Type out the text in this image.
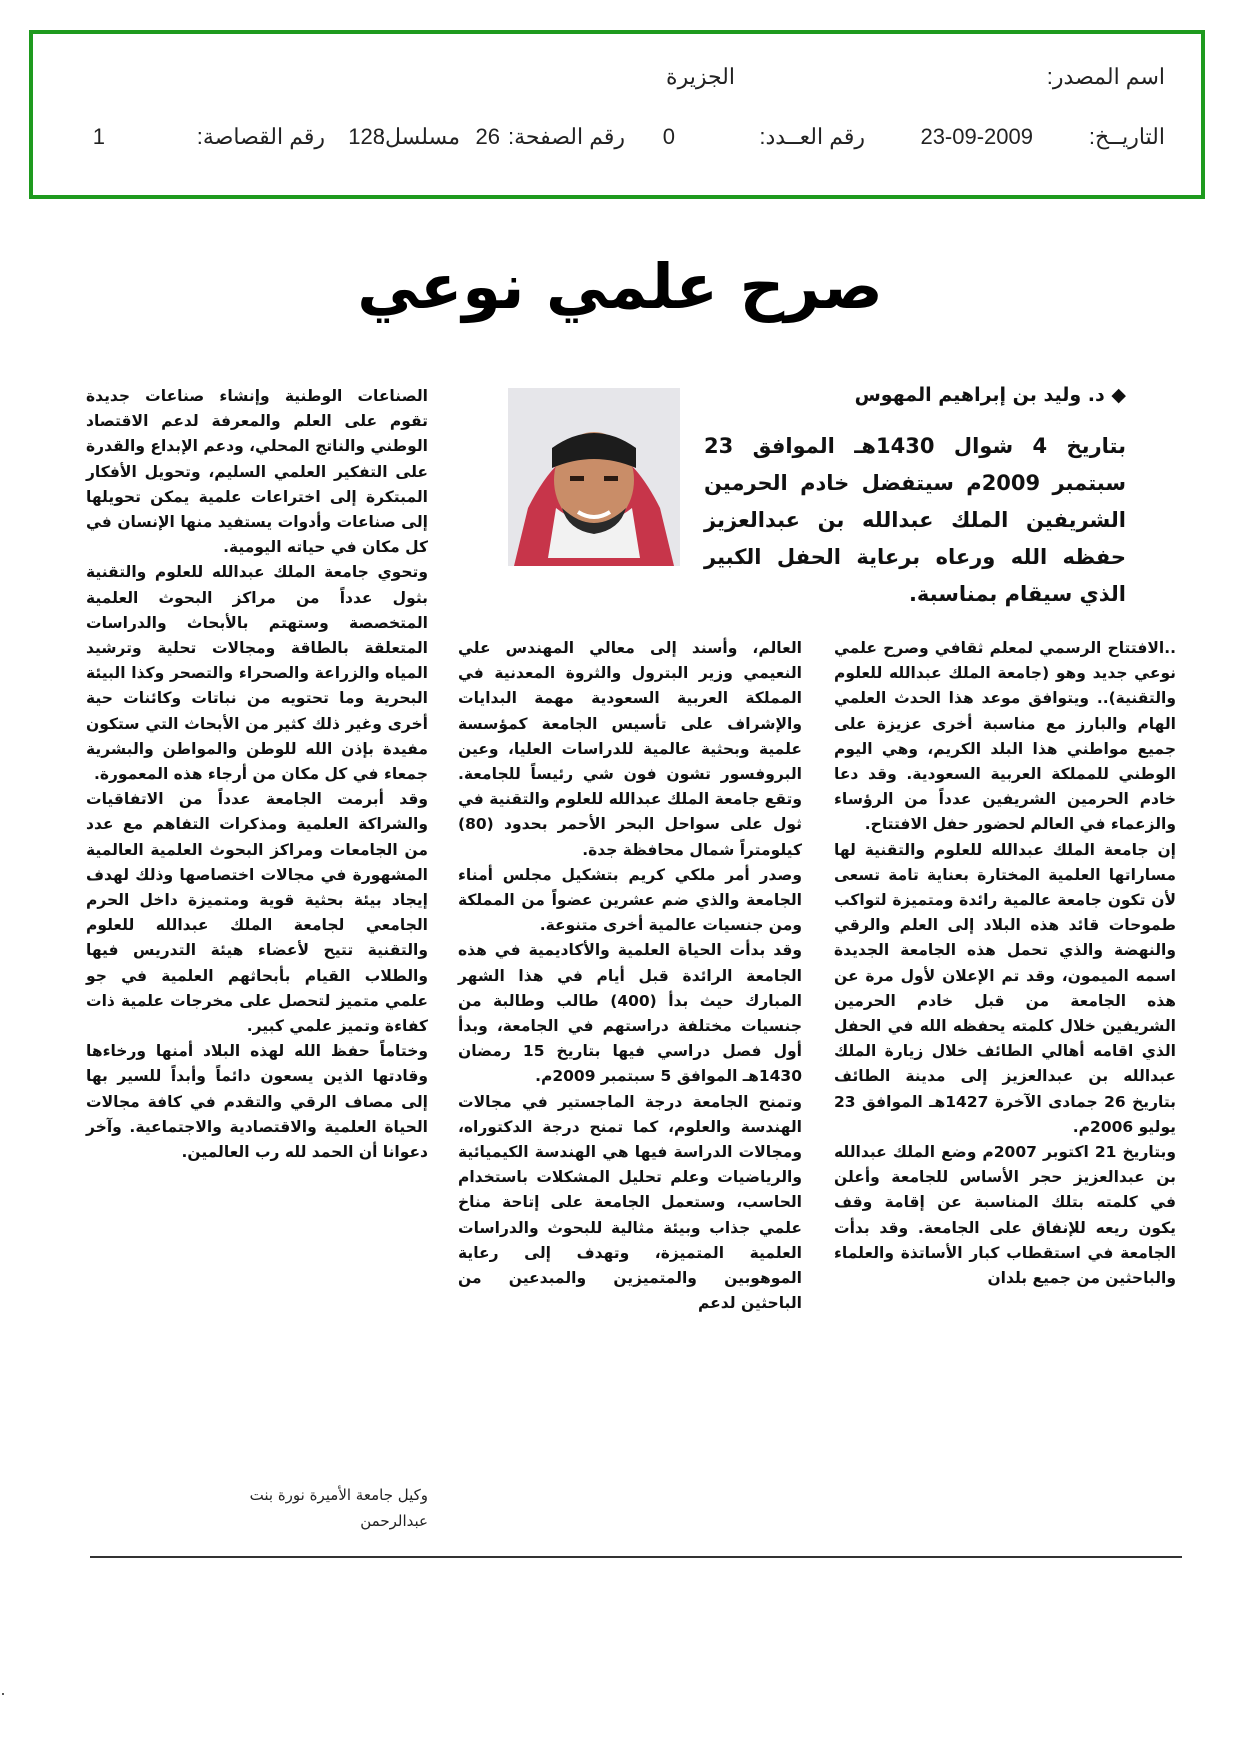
اسم المصدر:
الجزيرة
التاريــخ:
23-09-2009
رقم العــدد:
0
رقم الصفحة:
26
مسلسل:
128
رقم القصاصة:
1
صرح علمي نوعي
◆ د. وليد بن إبراهيم المهوس
بتاريخ 4 شوال 1430هـ الموافق 23 سبتمبر 2009م سيتفضل خادم الحرمين الشريفين الملك عبدالله بن عبدالعزيز حفظه الله ورعاه برعاية الحفل الكبير الذي سيقام بمناسبة.

..الافتتاح الرسمي لمعلم ثقافي وصرح علمي نوعي جديد وهو (جامعة الملك عبدالله للعلوم والتقنية).. ويتوافق موعد هذا الحدث العلمي الهام والبارز مع مناسبة أخرى عزيزة على جميع مواطني هذا البلد الكريم، وهي اليوم الوطني للمملكة العربية السعودية. وقد دعا خادم الحرمين الشريفين عدداً من الرؤساء والزعماء في العالم لحضور حفل الافتتاح.

إن جامعة الملك عبدالله للعلوم والتقنية لها مساراتها العلمية المختارة بعناية تامة تسعى لأن تكون جامعة عالمية رائدة ومتميزة لتواكب طموحات قائد هذه البلاد إلى العلم والرقي والنهضة والذي تحمل هذه الجامعة الجديدة اسمه الميمون، وقد تم الإعلان لأول مرة عن هذه الجامعة من قبل خادم الحرمين الشريفين خلال كلمته يحفظه الله في الحفل الذي اقامه أهالي الطائف خلال زيارة الملك عبدالله بن عبدالعزيز إلى مدينة الطائف بتاريخ 26 جمادى الآخرة 1427هـ الموافق 23 يوليو 2006م.

وبتاريخ 21 اكتوبر 2007م وضع الملك عبدالله بن عبدالعزيز حجر الأساس للجامعة وأعلن في كلمته بتلك المناسبة عن إقامة وقف يكون ريعه للإنفاق على الجامعة. وقد بدأت الجامعة في استقطاب كبار الأساتذة والعلماء والباحثين من جميع بلدان

العالم، وأسند إلى معالي المهندس علي النعيمي وزير البترول والثروة المعدنية في المملكة العربية السعودية مهمة البدايات والإشراف على تأسيس الجامعة كمؤسسة علمية وبحثية عالمية للدراسات العليا، وعين البروفسور تشون فون شي رئيساً للجامعة. وتقع جامعة الملك عبدالله للعلوم والتقنية في ثول على سواحل البحر الأحمر بحدود (80) كيلومتراً شمال محافظة جدة.

وصدر أمر ملكي كريم بتشكيل مجلس أمناء الجامعة والذي ضم عشرين عضواً من المملكة ومن جنسيات عالمية أخرى متنوعة.

وقد بدأت الحياة العلمية والأكاديمية في هذه الجامعة الرائدة قبل أيام في هذا الشهر المبارك حيث بدأ (400) طالب وطالبة من جنسيات مختلفة دراستهم في الجامعة، وبدأ أول فصل دراسي فيها بتاريخ 15 رمضان 1430هـ الموافق 5 سبتمبر 2009م.

وتمنح الجامعة درجة الماجستير في مجالات الهندسة والعلوم، كما تمنح درجة الدكتوراه، ومجالات الدراسة فيها هي الهندسة الكيميائية والرياضيات وعلم تحليل المشكلات باستخدام الحاسب، وستعمل الجامعة على إتاحة مناخ علمي جذاب وبيئة مثالية للبحوث والدراسات العلمية المتميزة، وتهدف إلى رعاية الموهوبين والمتميزين والمبدعين من الباحثين لدعم

الصناعات الوطنية وإنشاء صناعات جديدة تقوم على العلم والمعرفة لدعم الاقتصاد الوطني والناتج المحلي، ودعم الإبداع والقدرة على التفكير العلمي السليم، وتحويل الأفكار المبتكرة إلى اختراعات علمية يمكن تحويلها إلى صناعات وأدوات يستفيد منها الإنسان في كل مكان في حياته اليومية.

وتحوي جامعة الملك عبدالله للعلوم والتقنية بثول عدداً من مراكز البحوث العلمية المتخصصة وستهتم بالأبحاث والدراسات المتعلقة بالطاقة ومجالات تحلية وترشيد المياه والزراعة والصحراء والتصحر وكذا البيئة البحرية وما تحتويه من نباتات وكائنات حية أخرى وغير ذلك كثير من الأبحاث التي ستكون مفيدة بإذن الله للوطن والمواطن والبشرية جمعاء في كل مكان من أرجاء هذه المعمورة.

وقد أبرمت الجامعة عدداً من الاتفاقيات والشراكة العلمية ومذكرات التفاهم مع عدد من الجامعات ومراكز البحوث العلمية العالمية المشهورة في مجالات اختصاصها وذلك لهدف إيجاد بيئة بحثية قوية ومتميزة داخل الحرم الجامعي لجامعة الملك عبدالله للعلوم والتقنية تتيح لأعضاء هيئة التدريس فيها والطلاب القيام بأبحاثهم العلمية في جو علمي متميز لتحصل على مخرجات علمية ذات كفاءة وتميز علمي كبير.

وختاماً حفظ الله لهذه البلاد أمنها ورخاءها وقادتها الذين يسعون دائماً وأبداً للسير بها إلى مصاف الرقي والتقدم في كافة مجالات الحياة العلمية والاقتصادية والاجتماعية. وآخر دعوانا أن الحمد لله رب العالمين.

وكيل جامعة الأميرة نورة بنت
عبدالرحمن
